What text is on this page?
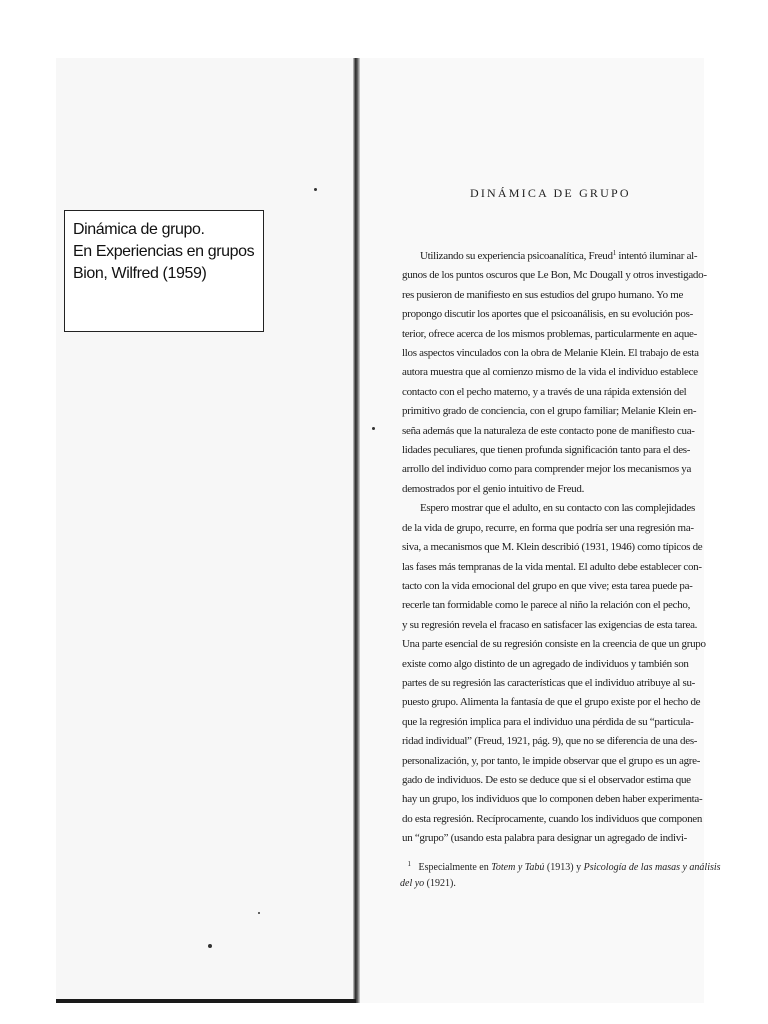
Dinámica de grupo.
En Experiencias en grupos
Bion, Wilfred (1959)
DINÁMICA DE GRUPO
Utilizando su experiencia psicoanalítica, Freud$^1$ intentó iluminar al-
gunos de los puntos oscuros que Le Bon, Mc Dougall y otros investigado-
res pusieron de manifiesto en sus estudios del grupo humano. Yo me
propongo discutir los aportes que el psicoanálisis, en su evolución pos-
terior, ofrece acerca de los mismos problemas, particularmente en aque-
llos aspectos vinculados con la obra de Melanie Klein. El trabajo de esta
autora muestra que al comienzo mismo de la vida el individuo establece
contacto con el pecho materno, y a través de una rápida extensión del
primitivo grado de conciencia, con el grupo familiar; Melanie Klein en-
seña además que la naturaleza de este contacto pone de manifiesto cua-
lidades peculiares, que tienen profunda significación tanto para el des-
arrollo del individuo como para comprender mejor los mecanismos ya
demostrados por el genio intuitivo de Freud.
Espero mostrar que el adulto, en su contacto con las complejidades
de la vida de grupo, recurre, en forma que podría ser una regresión ma-
siva, a mecanismos que M. Klein describió (1931, 1946) como típicos de
las fases más tempranas de la vida mental. El adulto debe establecer con-
tacto con la vida emocional del grupo en que vive; esta tarea puede pa-
recerle tan formidable como le parece al niño la relación con el pecho,
y su regresión revela el fracaso en satisfacer las exigencias de esta tarea.
Una parte esencial de su regresión consiste en la creencia de que un grupo
existe como algo distinto de un agregado de individuos y también son
partes de su regresión las características que el individuo atribuye al su-
puesto grupo. Alimenta la fantasía de que el grupo existe por el hecho de
que la regresión implica para el individuo una pérdida de su “particula-
ridad individual” (Freud, 1921, pág. 9), que no se diferencia de una des-
personalización, y, por tanto, le impide observar que el grupo es un agre-
gado de individuos. De esto se deduce que si el observador estima que
hay un grupo, los individuos que lo componen deben haber experimenta-
do esta regresión. Recíprocamente, cuando los individuos que componen
un “grupo” (usando esta palabra para designar un agregado de indivi-
$^1$ Especialmente en Totem y Tabú (1913) y Psicología de las masas y análisis
del yo (1921).
